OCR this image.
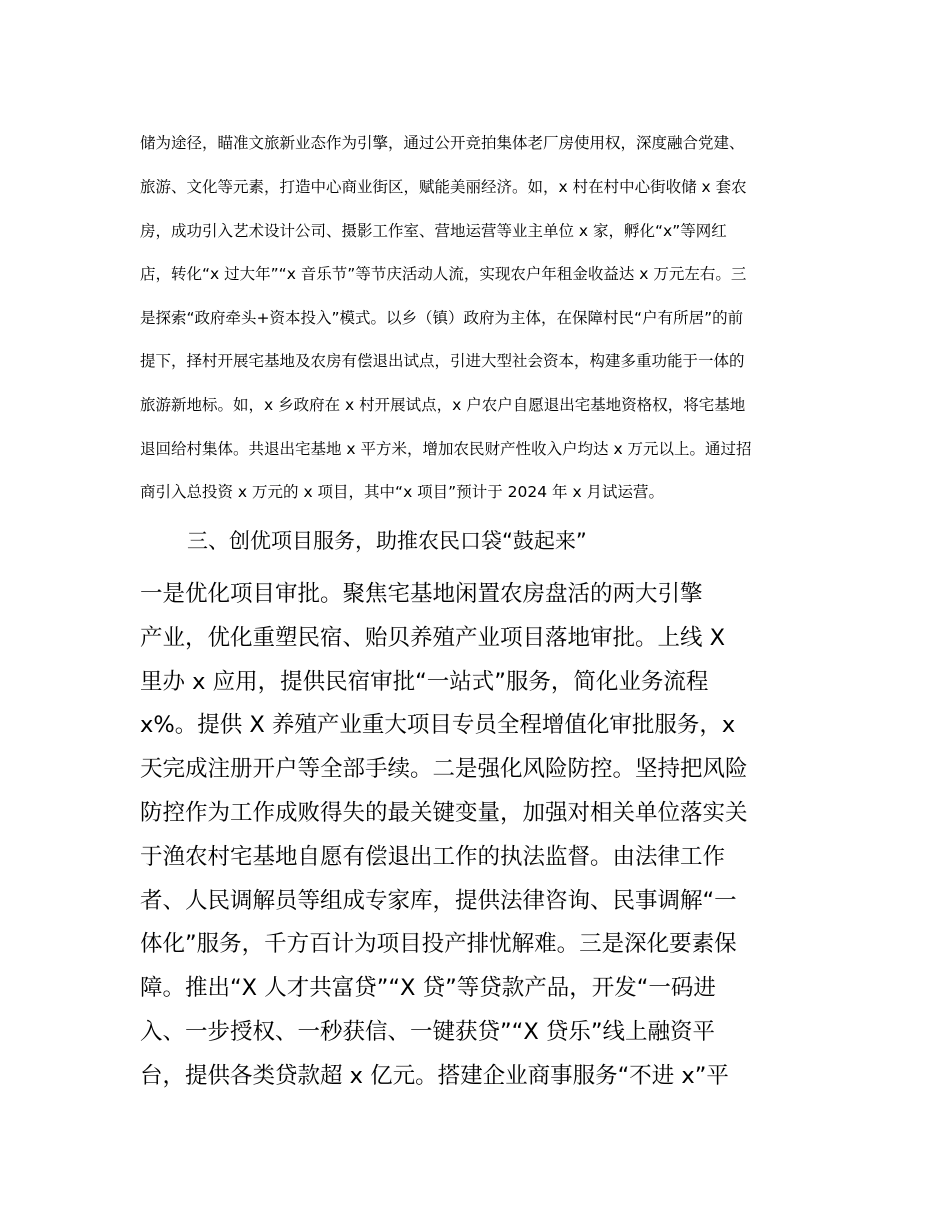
储为途径，瞄准文旅新业态作为引擎，通过公开竞拍集体老厂房使用权，深度融合党建、

旅游、文化等元素，打造中心商业街区，赋能美丽经济。如，x 村在村中心街收储 x 套农

房，成功引入艺术设计公司、摄影工作室、营地运营等业主单位 x 家，孵化“x”等网红

店，转化“x 过大年”“x 音乐节”等节庆活动人流，实现农户年租金收益达 x 万元左右。三

是探索“政府牵头+资本投入”模式。以乡（镇）政府为主体，在保障村民“户有所居”的前

提下，择村开展宅基地及农房有偿退出试点，引进大型社会资本，构建多重功能于一体的

旅游新地标。如，x 乡政府在 x 村开展试点，x 户农户自愿退出宅基地资格权，将宅基地

退回给村集体。共退出宅基地 x 平方米，增加农民财产性收入户均达 x 万元以上。通过招

商引入总投资 x 万元的 x 项目，其中“x 项目”预计于 2024 年 x 月试运营。

三、创优项目服务，助推农民口袋“鼓起来”

一是优化项目审批。聚焦宅基地闲置农房盘活的两大引擎

产业，优化重塑民宿、贻贝养殖产业项目落地审批。上线 X

里办 x 应用，提供民宿审批“一站式”服务，简化业务流程

x%。提供 X 养殖产业重大项目专员全程增值化审批服务，x

天完成注册开户等全部手续。二是强化风险防控。坚持把风险

防控作为工作成败得失的最关键变量，加强对相关单位落实关

于渔农村宅基地自愿有偿退出工作的执法监督。由法律工作

者、人民调解员等组成专家库，提供法律咨询、民事调解“一

体化”服务，千方百计为项目投产排忧解难。三是深化要素保

障。推出“X 人才共富贷”“X 贷”等贷款产品，开发“一码进

入、一步授权、一秒获信、一键获贷”“X 贷乐”线上融资平

台，提供各类贷款超 x 亿元。搭建企业商事服务“不进 x”平
